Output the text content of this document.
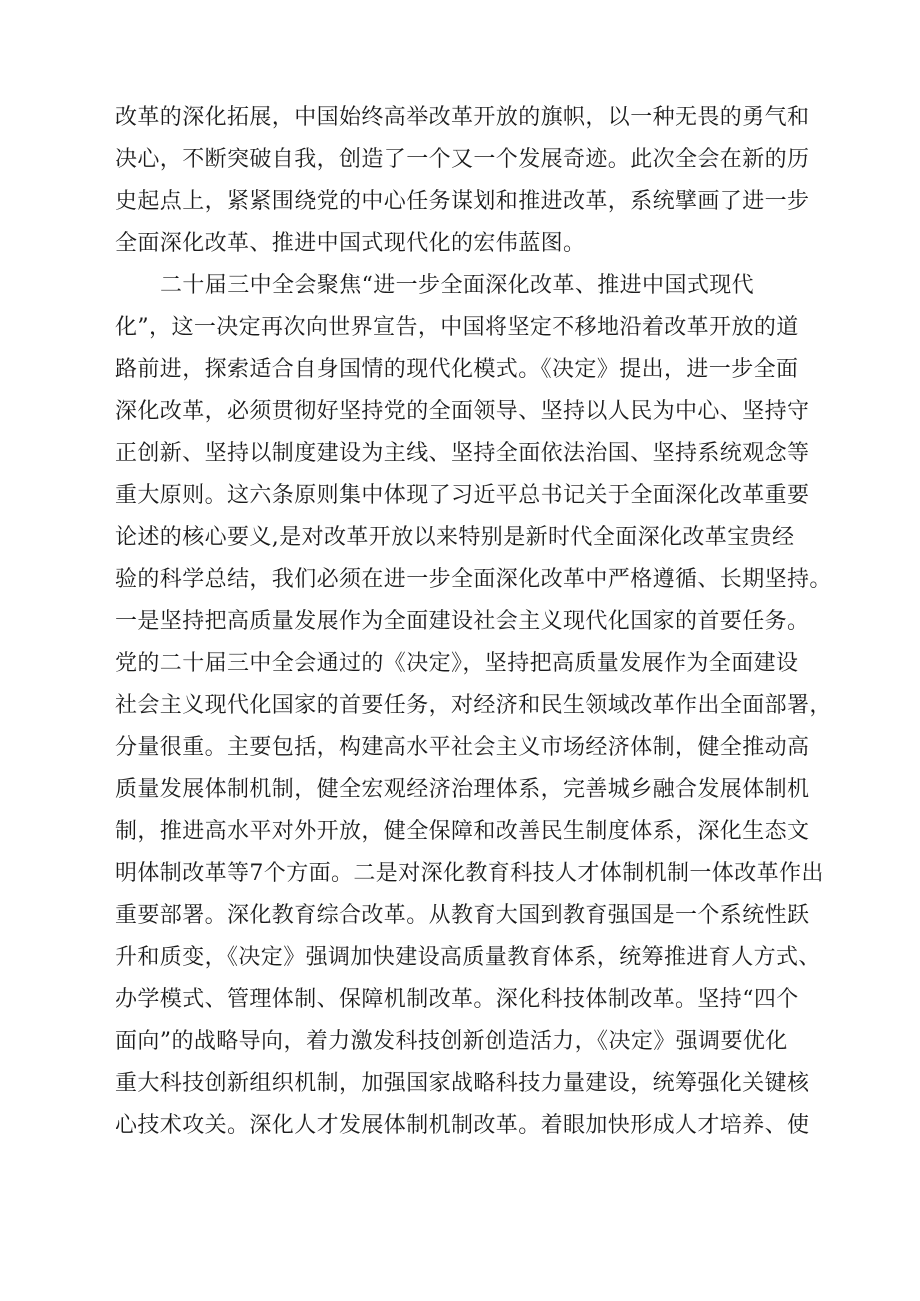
改革的深化拓展，中国始终高举改革开放的旗帜，以一种无畏的勇气和
决心，不断突破自我，创造了一个又一个发展奇迹。此次全会在新的历
史起点上，紧紧围绕党的中心任务谋划和推进改革，系统擘画了进一步
全面深化改革、推进中国式现代化的宏伟蓝图。
二十届三中全会聚焦“进一步全面深化改革、推进中国式现代
化”，这一决定再次向世界宣告，中国将坚定不移地沿着改革开放的道
路前进，探索适合自身国情的现代化模式。《决定》提出，进一步全面
深化改革，必须贯彻好坚持党的全面领导、坚持以人民为中心、坚持守
正创新、坚持以制度建设为主线、坚持全面依法治国、坚持系统观念等
重大原则。这六条原则集中体现了习近平总书记关于全面深化改革重要
论述的核心要义,是对改革开放以来特别是新时代全面深化改革宝贵经
验的科学总结，我们必须在进一步全面深化改革中严格遵循、长期坚持。
一是坚持把高质量发展作为全面建设社会主义现代化国家的首要任务。
党的二十届三中全会通过的《决定》，坚持把高质量发展作为全面建设
社会主义现代化国家的首要任务，对经济和民生领域改革作出全面部署，
分量很重。主要包括，构建高水平社会主义市场经济体制，健全推动高
质量发展体制机制，健全宏观经济治理体系，完善城乡融合发展体制机
制，推进高水平对外开放，健全保障和改善民生制度体系，深化生态文
明体制改革等7个方面。二是对深化教育科技人才体制机制一体改革作出
重要部署。深化教育综合改革。从教育大国到教育强国是一个系统性跃
升和质变，《决定》强调加快建设高质量教育体系，统筹推进育人方式、
办学模式、管理体制、保障机制改革。深化科技体制改革。坚持“四个
面向”的战略导向，着力激发科技创新创造活力，《决定》强调要优化
重大科技创新组织机制，加强国家战略科技力量建设，统筹强化关键核
心技术攻关。深化人才发展体制机制改革。着眼加快形成人才培养、使
